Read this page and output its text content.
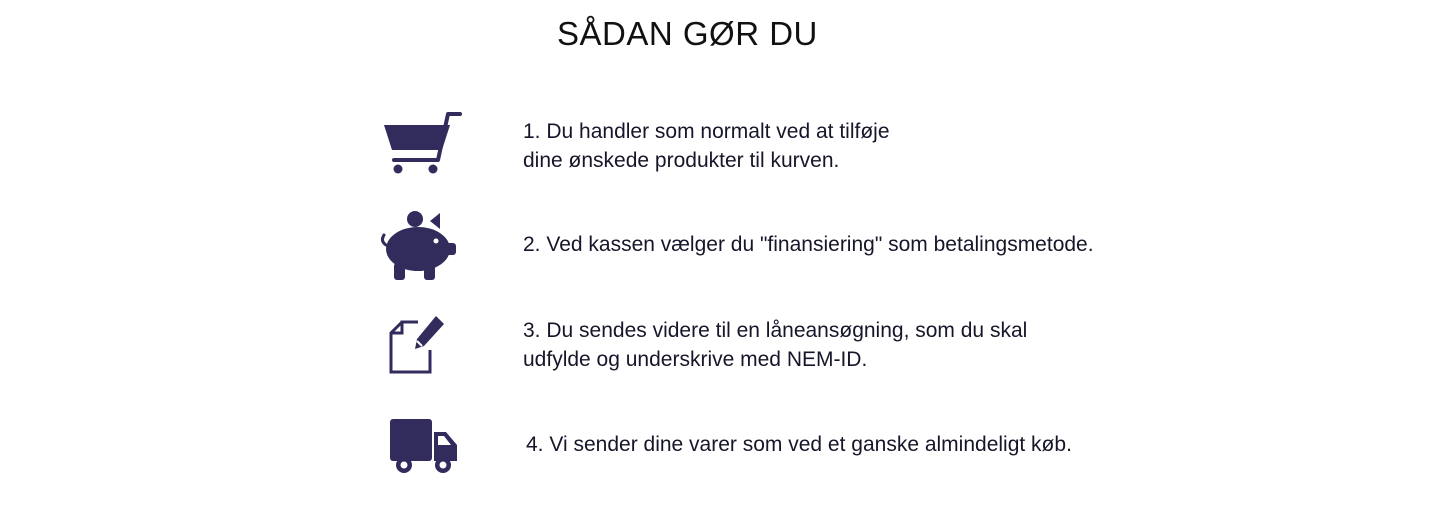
SÅDAN GØR DU
1. Du handler som normalt ved at tilføje
dine ønskede produkter til kurven.
2. Ved kassen vælger du "finansiering" som betalingsmetode.
3. Du sendes videre til en låneansøgning, som du skal
udfylde og underskrive med NEM-ID.
4. Vi sender dine varer som ved et ganske almindeligt køb.
